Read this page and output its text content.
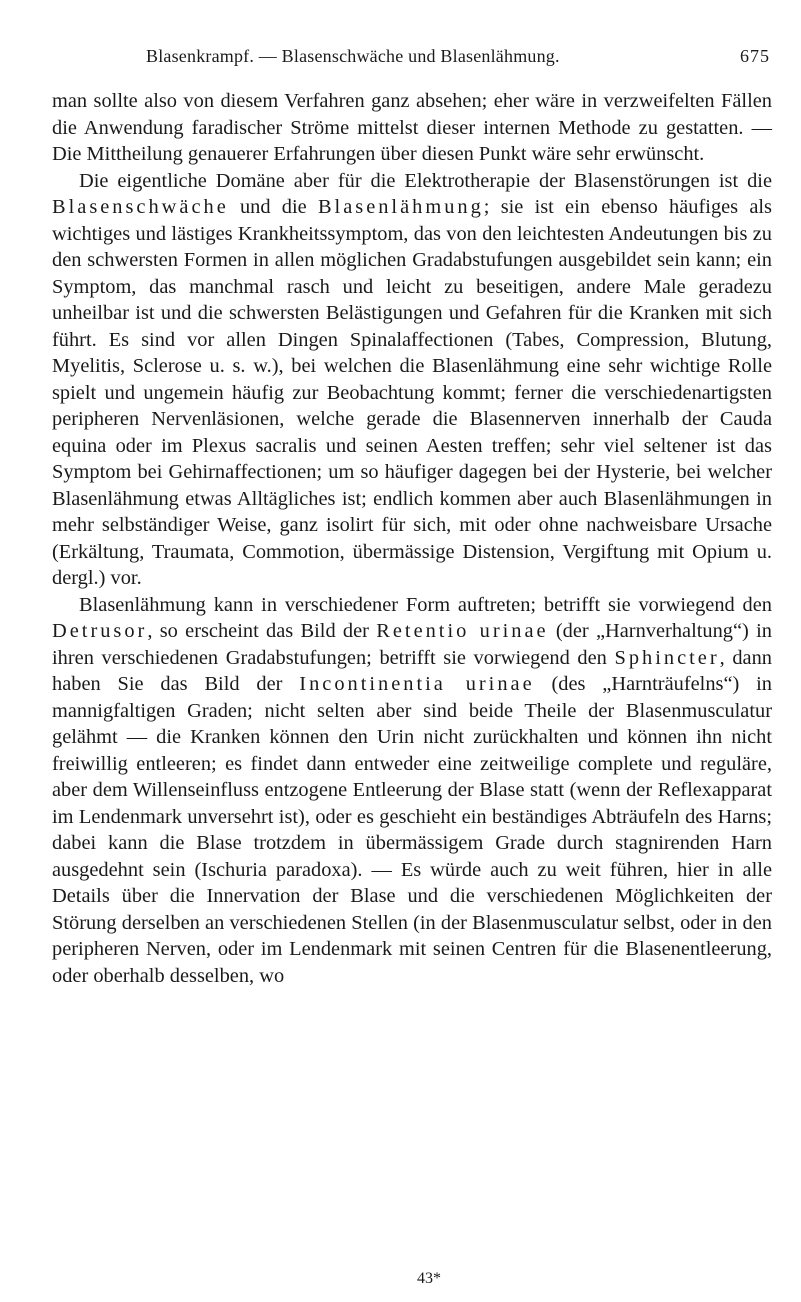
Blasenkrampf. — Blasenschwäche und Blasenlähmung.	675

man sollte also von diesem Verfahren ganz absehen; eher wäre in verzweifelten Fällen die Anwendung faradischer Ströme mittelst dieser internen Methode zu gestatten. — Die Mittheilung genauerer Erfahrungen über diesen Punkt wäre sehr erwünscht.

Die eigentliche Domäne aber für die Elektrotherapie der Blasenstörungen ist die Blasenschwäche und die Blasenlähmung; sie ist ein ebenso häufiges als wichtiges und lästiges Krankheitssymptom, das von den leichtesten Andeutungen bis zu den schwersten Formen in allen möglichen Gradabstufungen ausgebildet sein kann; ein Symptom, das manchmal rasch und leicht zu beseitigen, andere Male geradezu unheilbar ist und die schwersten Belästigungen und Gefahren für die Kranken mit sich führt. Es sind vor allen Dingen Spinalaffectionen (Tabes, Compression, Blutung, Myelitis, Sclerose u. s. w.), bei welchen die Blasenlähmung eine sehr wichtige Rolle spielt und ungemein häufig zur Beobachtung kommt; ferner die verschiedenartigsten peripheren Nervenläsionen, welche gerade die Blasennerven innerhalb der Cauda equina oder im Plexus sacralis und seinen Aesten treffen; sehr viel seltener ist das Symptom bei Gehirnaffectionen; um so häufiger dagegen bei der Hysterie, bei welcher Blasenlähmung etwas Alltägliches ist; endlich kommen aber auch Blasenlähmungen in mehr selbständiger Weise, ganz isolirt für sich, mit oder ohne nachweisbare Ursache (Erkältung, Traumata, Commotion, übermässige Distension, Vergiftung mit Opium u. dergl.) vor.

Blasenlähmung kann in verschiedener Form auftreten; betrifft sie vorwiegend den Detrusor, so erscheint das Bild der Retentio urinae (der „Harnverhaltung“) in ihren verschiedenen Gradabstufungen; betrifft sie vorwiegend den Sphincter, dann haben Sie das Bild der Incontinentia urinae (des „Harnträufelns“) in mannigfaltigen Graden; nicht selten aber sind beide Theile der Blasenmusculatur gelähmt — die Kranken können den Urin nicht zurückhalten und können ihn nicht freiwillig entleeren; es findet dann entweder eine zeitweilige complete und reguläre, aber dem Willenseinfluss entzogene Entleerung der Blase statt (wenn der Reflexapparat im Lendenmark unversehrt ist), oder es geschieht ein beständiges Abträufeln des Harns; dabei kann die Blase trotzdem in übermässigem Grade durch stagnirenden Harn ausgedehnt sein (Ischuria paradoxa). — Es würde auch zu weit führen, hier in alle Details über die Innervation der Blase und die verschiedenen Möglichkeiten der Störung derselben an verschiedenen Stellen (in der Blasenmusculatur selbst, oder in den peripheren Nerven, oder im Lendenmark mit seinen Centren für die Blasenentleerung, oder oberhalb desselben, wo

43*
